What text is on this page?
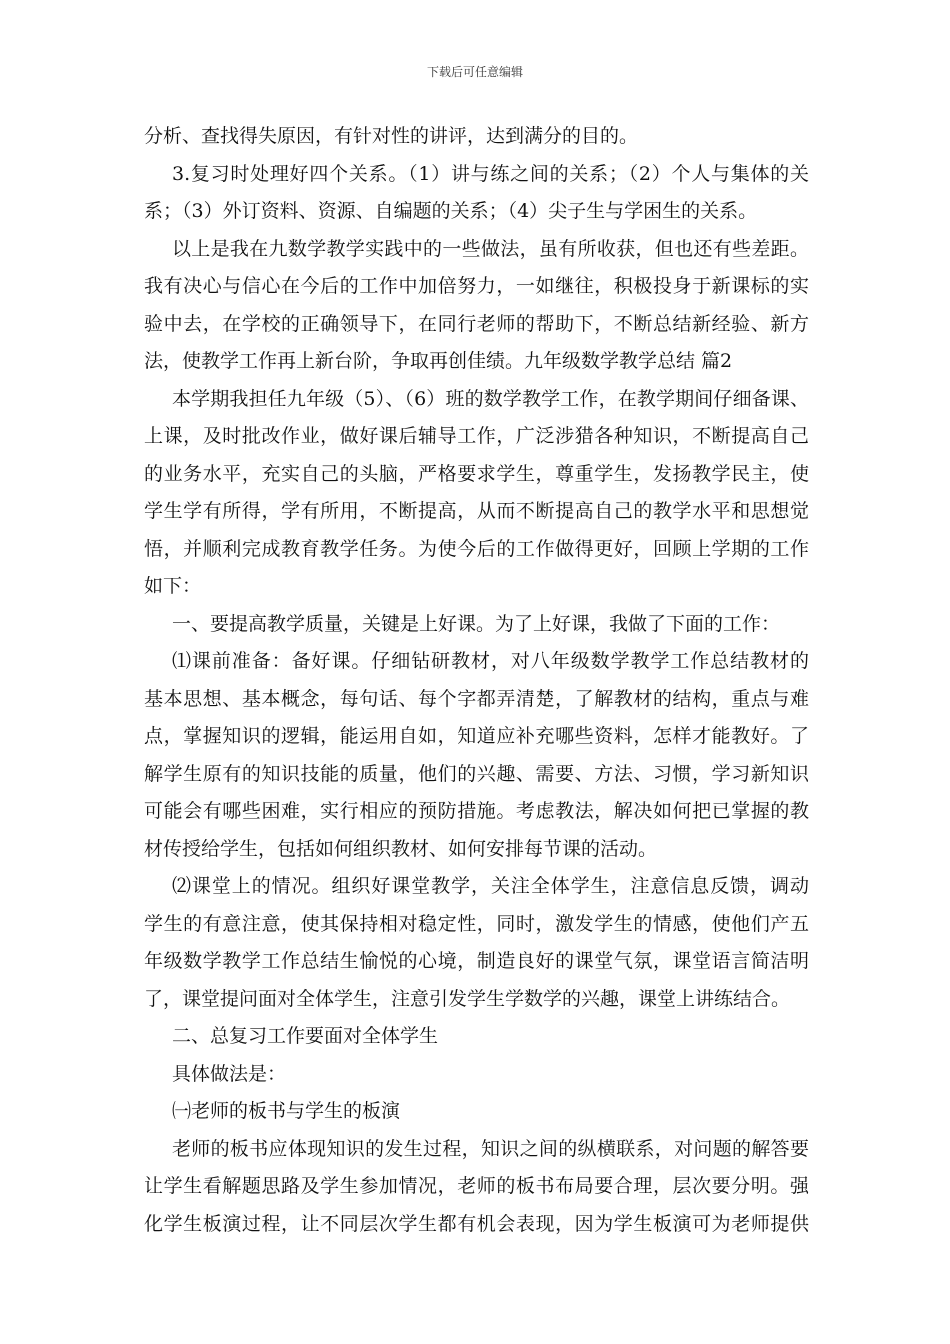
下载后可任意编辑
分析、查找得失原因，有针对性的讲评，达到满分的目的。
3.复习时处理好四个关系。（1）讲与练之间的关系；（2）个人与集体的关
系；（3）外订资料、资源、自编题的关系；（4）尖子生与学困生的关系。
以上是我在九数学教学实践中的一些做法，虽有所收获，但也还有些差距。
我有决心与信心在今后的工作中加倍努力，一如继往，积极投身于新课标的实
验中去，在学校的正确领导下，在同行老师的帮助下，不断总结新经验、新方
法，使教学工作再上新台阶，争取再创佳绩。九年级数学教学总结 篇2
本学期我担任九年级（5）、（6）班的数学教学工作，在教学期间仔细备课、
上课，及时批改作业，做好课后辅导工作，广泛涉猎各种知识，不断提高自己
的业务水平，充实自己的头脑，严格要求学生，尊重学生，发扬教学民主，使
学生学有所得，学有所用，不断提高，从而不断提高自己的教学水平和思想觉
悟，并顺利完成教育教学任务。为使今后的工作做得更好，回顾上学期的工作
如下：
一、要提高教学质量，关键是上好课。为了上好课，我做了下面的工作：
⑴课前准备：备好课。仔细钻研教材，对八年级数学教学工作总结教材的
基本思想、基本概念，每句话、每个字都弄清楚，了解教材的结构，重点与难
点，掌握知识的逻辑，能运用自如，知道应补充哪些资料，怎样才能教好。了
解学生原有的知识技能的质量，他们的兴趣、需要、方法、习惯，学习新知识
可能会有哪些困难，实行相应的预防措施。考虑教法，解决如何把已掌握的教
材传授给学生，包括如何组织教材、如何安排每节课的活动。
⑵课堂上的情况。组织好课堂教学，关注全体学生，注意信息反馈，调动
学生的有意注意，使其保持相对稳定性，同时，激发学生的情感，使他们产五
年级数学教学工作总结生愉悦的心境，制造良好的课堂气氛，课堂语言简洁明
了，课堂提问面对全体学生，注意引发学生学数学的兴趣，课堂上讲练结合。
二、总复习工作要面对全体学生
具体做法是：
㈠老师的板书与学生的板演
老师的板书应体现知识的发生过程，知识之间的纵横联系，对问题的解答要
让学生看解题思路及学生参加情况，老师的板书布局要合理，层次要分明。强
化学生板演过程，让不同层次学生都有机会表现，因为学生板演可为老师提供
